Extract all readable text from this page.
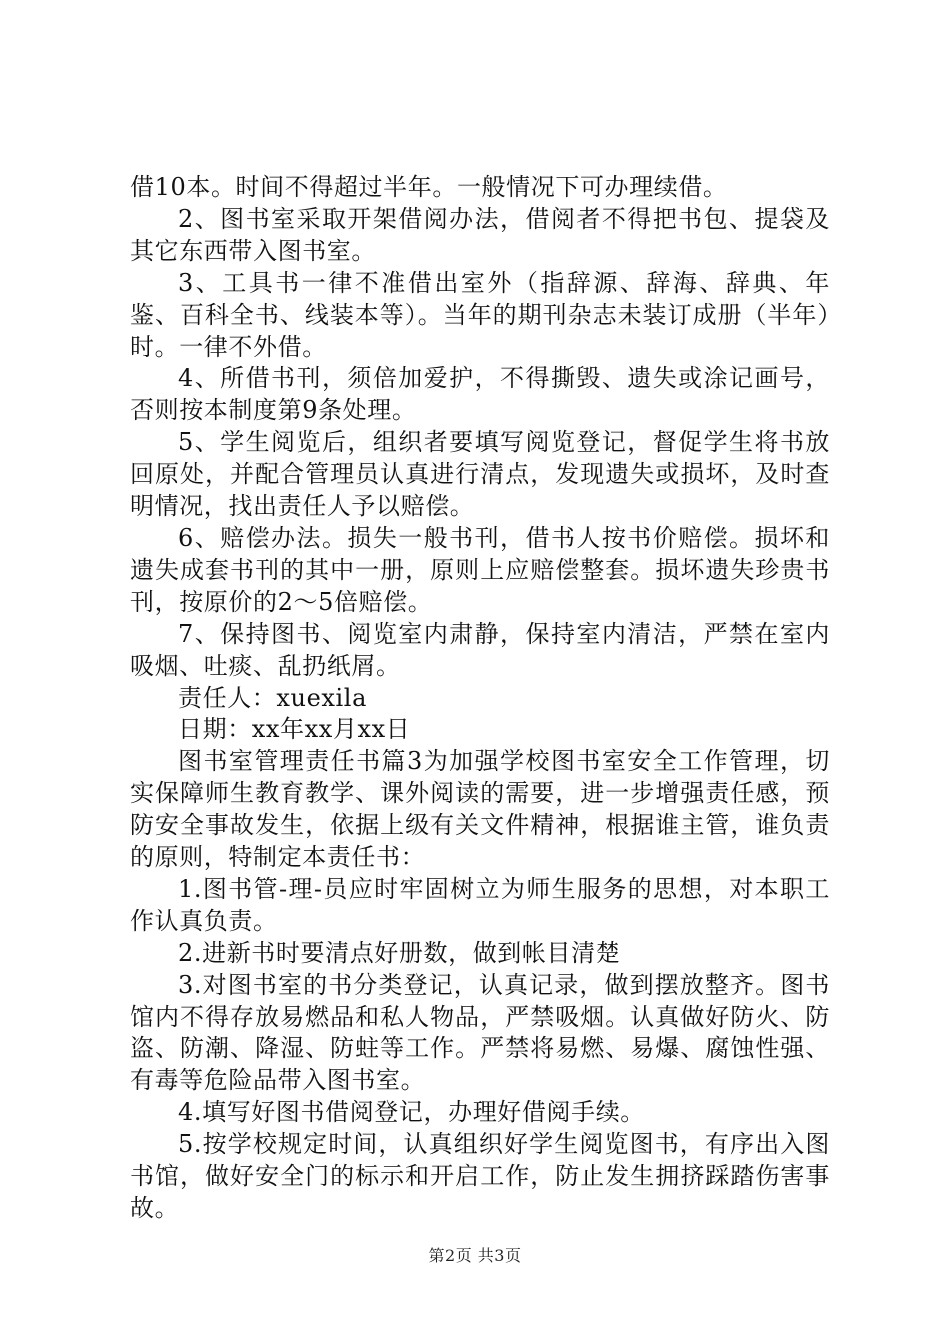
借10本。时间不得超过半年。一般情况下可办理续借。

2、图书室采取开架借阅办法，借阅者不得把书包、提袋及其它东西带入图书室。

3、工具书一律不准借出室外（指辞源、辞海、辞典、年鉴、百科全书、线装本等）。当年的期刊杂志未装订成册（半年）时。一律不外借。

4、所借书刊，须倍加爱护，不得撕毁、遗失或涂记画号，否则按本制度第9条处理。

5、学生阅览后，组织者要填写阅览登记，督促学生将书放回原处，并配合管理员认真进行清点，发现遗失或损坏，及时查明情况，找出责任人予以赔偿。

6、赔偿办法。损失一般书刊，借书人按书价赔偿。损坏和遗失成套书刊的其中一册，原则上应赔偿整套。损坏遗失珍贵书刊，按原价的2～5倍赔偿。

7、保持图书、阅览室内肃静，保持室内清洁，严禁在室内吸烟、吐痰、乱扔纸屑。

责任人：xuexila

日期：xx年xx月xx日

图书室管理责任书篇3为加强学校图书室安全工作管理，切实保障师生教育教学、课外阅读的需要，进一步增强责任感，预防安全事故发生，依据上级有关文件精神，根据谁主管，谁负责的原则，特制定本责任书：

1.图书管-理-员应时牢固树立为师生服务的思想，对本职工作认真负责。

2.进新书时要清点好册数，做到帐目清楚

3.对图书室的书分类登记，认真记录，做到摆放整齐。图书馆内不得存放易燃品和私人物品，严禁吸烟。认真做好防火、防盗、防潮、降湿、防蛀等工作。严禁将易燃、易爆、腐蚀性强、有毒等危险品带入图书室。

4.填写好图书借阅登记，办理好借阅手续。

5.按学校规定时间，认真组织好学生阅览图书，有序出入图书馆，做好安全门的标示和开启工作，防止发生拥挤踩踏伤害事故。

第2页 共3页
